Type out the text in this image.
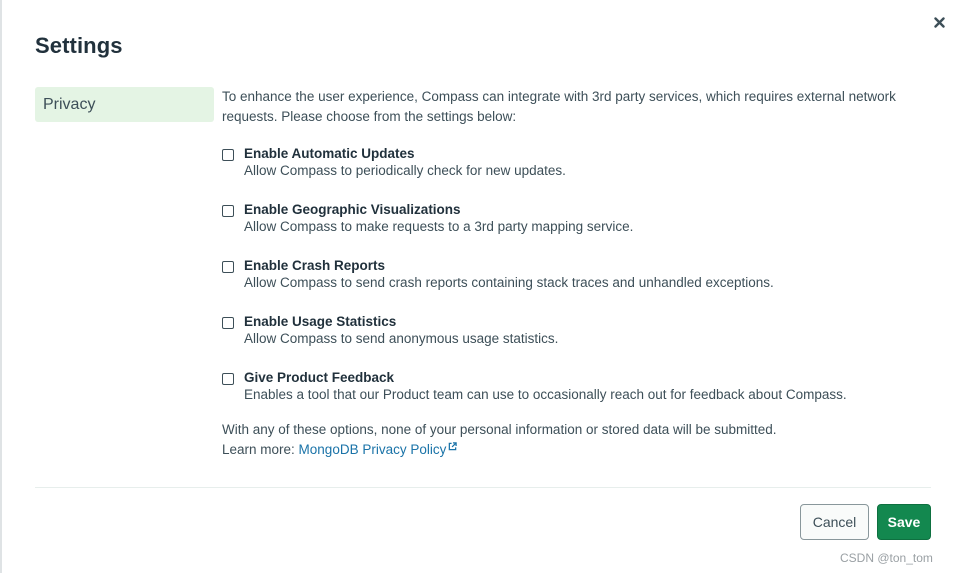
Settings
Privacy	To enhance the user experience, Compass can integrate with 3rd party services, which requires external network requests. Please choose from the settings below:

Enable Automatic Updates
Allow Compass to periodically check for new updates.
Enable Geographic Visualizations
Allow Compass to make requests to a 3rd party mapping service.
Enable Crash Reports
Allow Compass to send crash reports containing stack traces and unhandled exceptions.
Enable Usage Statistics
Allow Compass to send anonymous usage statistics.
Give Product Feedback
Enables a tool that our Product team can use to occasionally reach out for feedback about Compass.
With any of these options, none of your personal information or stored data will be submitted.
Learn more: MongoDB Privacy Policy
Cancel	Save
CSDN @ton_tom
